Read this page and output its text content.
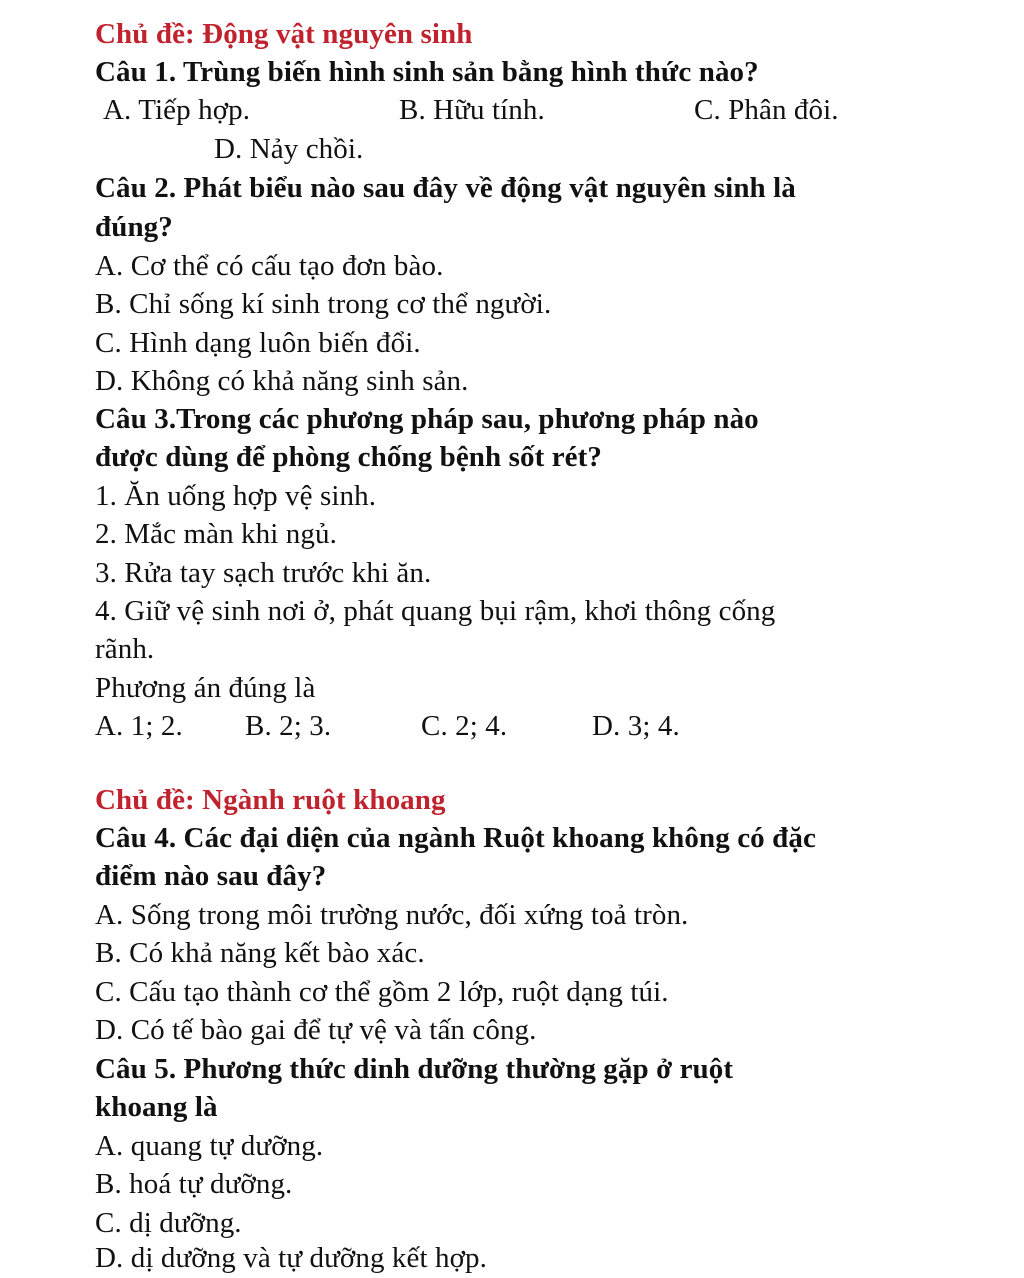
Chủ đề: Động vật nguyên sinh
Câu 1. Trùng biến hình sinh sản bằng hình thức nào?
A. Tiếp hợp.	B. Hữu tính.	C. Phân đôi.
D. Nảy chồi.
Câu 2. Phát biểu nào sau đây về động vật nguyên sinh là
đúng?
A. Cơ thể có cấu tạo đơn bào.
B. Chỉ sống kí sinh trong cơ thể người.
C. Hình dạng luôn biến đổi.
D. Không có khả năng sinh sản.
Câu 3.Trong các phương pháp sau, phương pháp nào
được dùng để phòng chống bệnh sốt rét?
1. Ăn uống hợp vệ sinh.
2. Mắc màn khi ngủ.
3. Rửa tay sạch trước khi ăn.
4. Giữ vệ sinh nơi ở, phát quang bụi rậm, khơi thông cống
rãnh.
Phương án đúng là
A. 1; 2. B. 2; 3.	C. 2; 4.	D. 3; 4.
Chủ đề: Ngành ruột khoang
Câu 4. Các đại diện của ngành Ruột khoang không có đặc
điểm nào sau đây?
A. Sống trong môi trường nước, đối xứng toả tròn.
B. Có khả năng kết bào xác.
C. Cấu tạo thành cơ thể gồm 2 lớp, ruột dạng túi.
D. Có tế bào gai để tự vệ và tấn công.
Câu 5. Phương thức dinh dưỡng thường gặp ở ruột
khoang là
A. quang tự dưỡng.
B. hoá tự dưỡng.
C. dị dưỡng.
D. dị dưỡng và tự dưỡng kết hợp.
